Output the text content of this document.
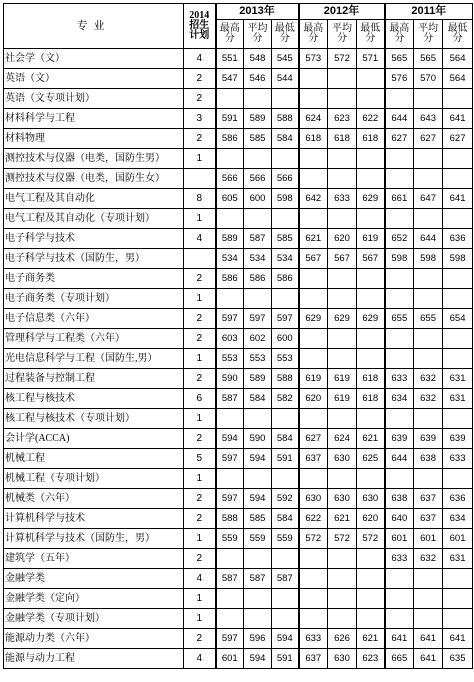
专业	2014 招生 计划	2013年			2012年			2011年		
		最高 分	平均 分	最低 分	最高 分	平均 分	最低 分	最高 分	平均 分	最低 分
社会学（文）	4	551	548	545	573	572	571	565	565	564
英语（文）	2	547	546	544				576	570	564
英语（文专项计划）	2									
材料科学与工程	3	591	589	588	624	623	622	644	643	641
材料物理	2	586	585	584	618	618	618	627	627	627
测控技术与仪器（电类，国防生男）	1									
测控技术与仪器（电类，国防生女）		566	566	566						
电气工程及其自动化	8	605	600	598	642	633	629	661	647	641
电气工程及其自动化（专项计划）	1									
电子科学与技术	4	589	587	585	621	620	619	652	644	636
电子科学与技术（国防生，男）		534	534	534	567	567	567	598	598	598
电子商务类	2	586	586	586						
电子商务类（专项计划）	1									
电子信息类（六年）	2	597	597	597	629	629	629	655	655	654
管理科学与工程类（六年）	2	603	602	600						
光电信息科学与工程（国防生,男）	1	553	553	553						
过程装备与控制工程	2	590	589	588	619	619	618	633	632	631
核工程与核技术	6	587	584	582	620	619	618	634	632	631
核工程与核技术（专项计划）	1									
会计学(ACCA)	2	594	590	584	627	624	621	639	639	639
机械工程	5	597	594	591	637	630	625	644	638	633
机械工程（专项计划）	1									
机械类（六年）	2	597	594	592	630	630	630	638	637	636
计算机科学与技术	2	588	585	584	622	621	620	640	637	634
计算机科学与技术（国防生，男）	1	559	559	559	572	572	572	601	601	601
建筑学（五年）	2							633	632	631
金融学类	4	587	587	587						
金融学类（定向）	1									
金融学类（专项计划）	1									
能源动力类（六年）	2	597	596	594	633	626	621	641	641	641
能源与动力工程	4	601	594	591	637	630	623	665	641	635
